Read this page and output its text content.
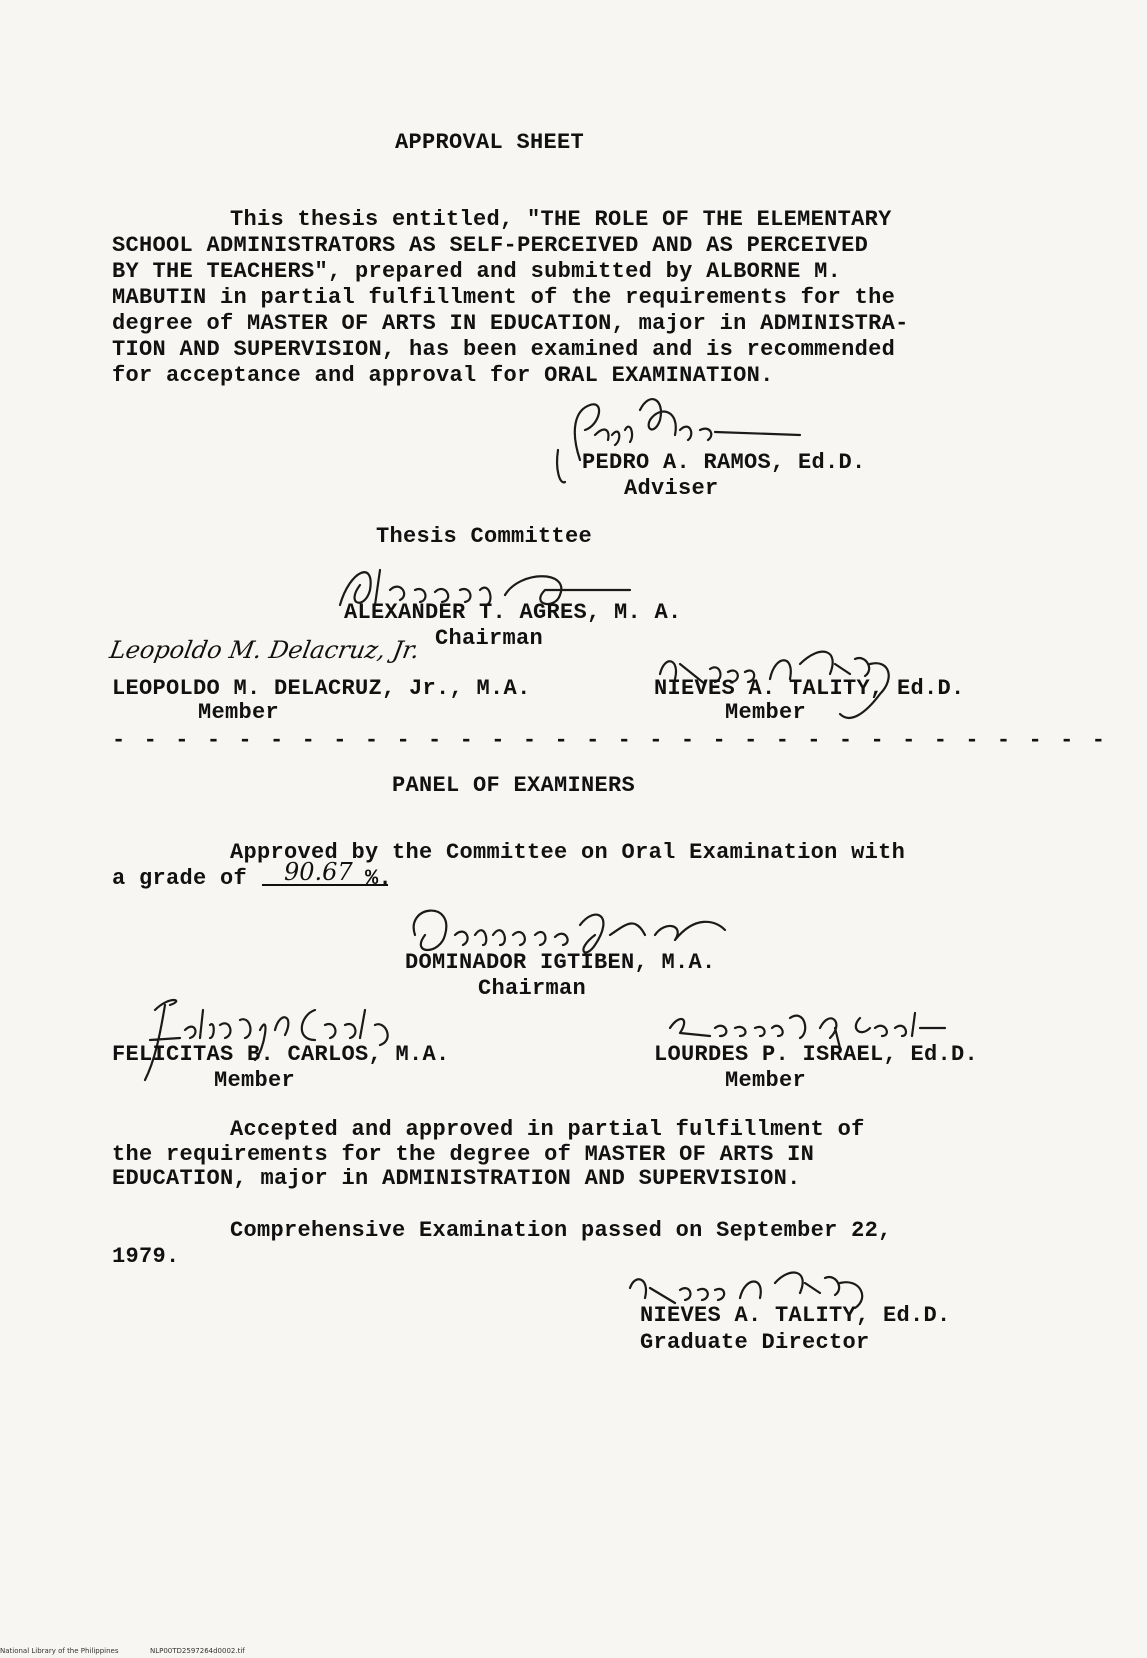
APPROVAL SHEET
This thesis entitled, "THE ROLE OF THE ELEMENTARY
SCHOOL ADMINISTRATORS AS SELF-PERCEIVED AND AS PERCEIVED
BY THE TEACHERS", prepared and submitted by ALBORNE M.
MABUTIN in partial fulfillment of the requirements for the
degree of MASTER OF ARTS IN EDUCATION, major in ADMINISTRA-
TION AND SUPERVISION, has been examined and is recommended
for acceptance and approval for ORAL EXAMINATION.
PEDRO A. RAMOS, Ed.D.
Adviser
Thesis Committee
ALEXANDER T. AGRES, M. A.
Chairman
Leopoldo M. Delacruz, Jr.
LEOPOLDO M. DELACRUZ, Jr., M.A.
Member
NIEVES A. TALITY, Ed.D.
Member
- - - - - - - - - - - - - - - - - - - - - - - - - - - - - - - -
PANEL OF EXAMINERS
Approved by the Committee on Oral Examination with
a grade of 90.67 %.
DOMINADOR IGTIBEN, M.A.
Chairman
FELICITAS B. CARLOS, M.A.
Member
LOURDES P. ISRAEL, Ed.D.
Member
Accepted and approved in partial fulfillment of
the requirements for the degree of MASTER OF ARTS IN
EDUCATION, major in ADMINISTRATION AND SUPERVISION.
Comprehensive Examination passed on September 22,
1979.
NIEVES A. TALITY, Ed.D.
Graduate Director
National Library of the Philippines	NLP00TD2597264d0002.tif
